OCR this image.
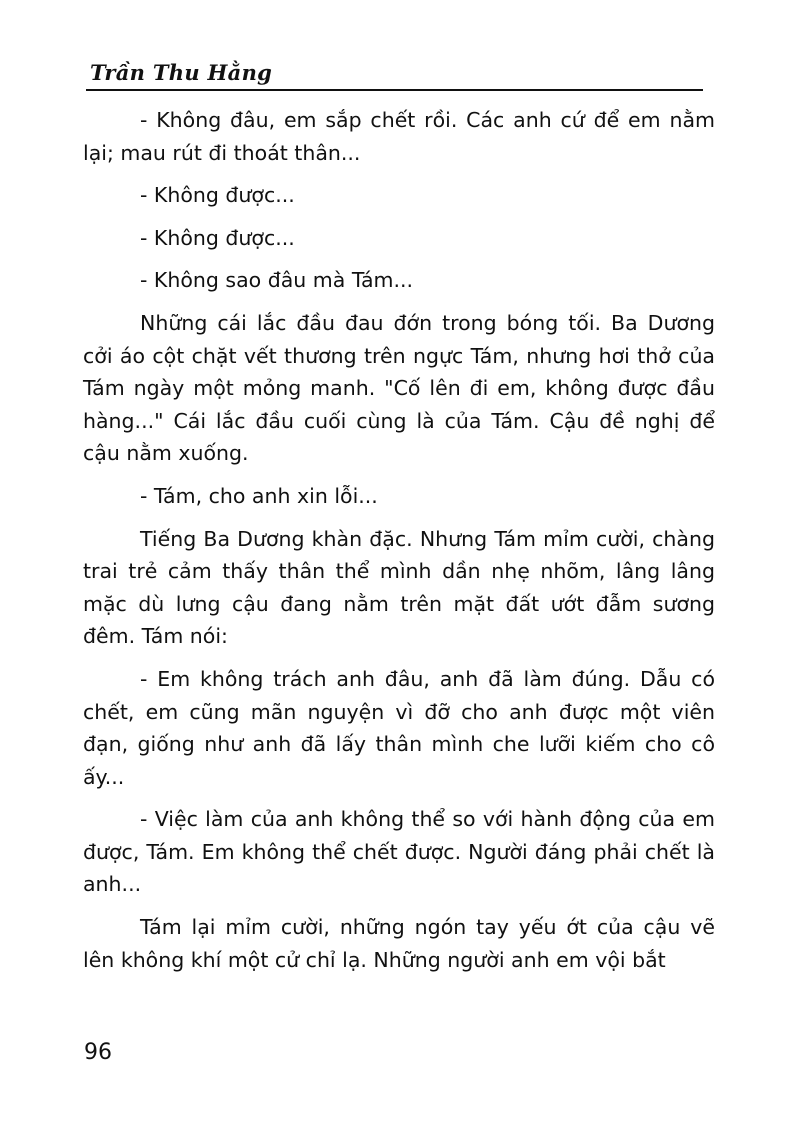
Trần Thu Hằng

- Không đâu, em sắp chết rồi. Các anh cứ để em nằm lại; mau rút đi thoát thân...

- Không được...

- Không được...

- Không sao đâu mà Tám...

Những cái lắc đầu đau đớn trong bóng tối. Ba Dương cởi áo cột chặt vết thương trên ngực Tám, nhưng hơi thở của Tám ngày một mỏng manh. "Cố lên đi em, không được đầu hàng..." Cái lắc đầu cuối cùng là của Tám. Cậu đề nghị để cậu nằm xuống.

- Tám, cho anh xin lỗi...

Tiếng Ba Dương khàn đặc. Nhưng Tám mỉm cười, chàng trai trẻ cảm thấy thân thể mình dần nhẹ nhõm, lâng lâng mặc dù lưng cậu đang nằm trên mặt đất ướt đẫm sương đêm. Tám nói:

- Em không trách anh đâu, anh đã làm đúng. Dẫu có chết, em cũng mãn nguyện vì đỡ cho anh được một viên đạn, giống như anh đã lấy thân mình che lưỡi kiếm cho cô ấy...

- Việc làm của anh không thể so với hành động của em được, Tám. Em không thể chết được. Người đáng phải chết là anh...

Tám lại mỉm cười, những ngón tay yếu ớt của cậu vẽ lên không khí một cử chỉ lạ. Những người anh em vội bắt

96
